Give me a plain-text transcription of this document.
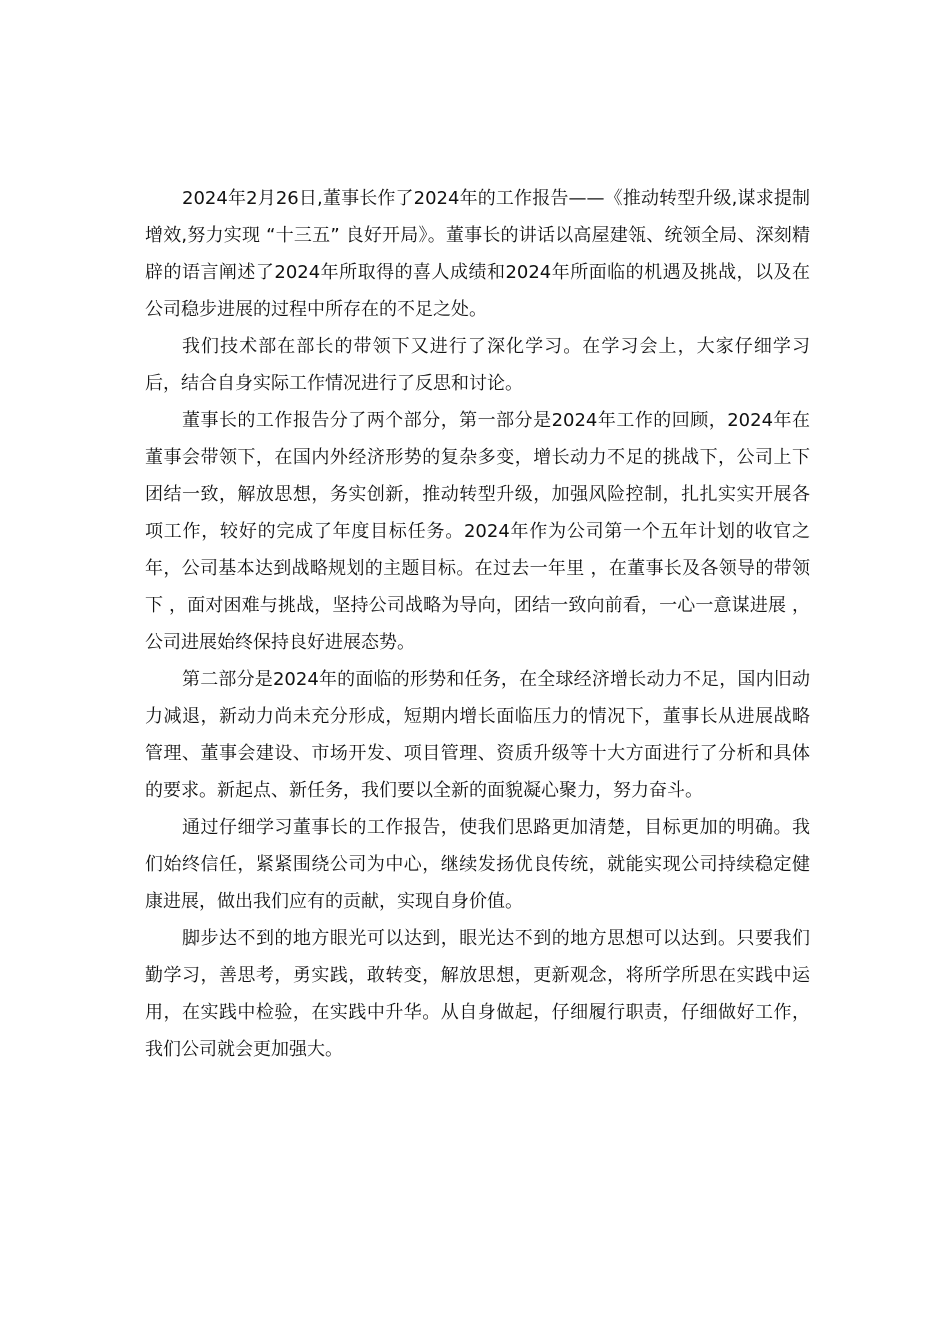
2024年2月26日,董事长作了2024年的工作报告——《推动转型升级,谋求提制增效,努力实现 “十三五” 良好开局》。董事长的讲话以高屋建瓴、统领全局、深刻精辟的语言阐述了2024年所取得的喜人成绩和2024年所面临的机遇及挑战，以及在公司稳步进展的过程中所存在的不足之处。

我们技术部在部长的带领下又进行了深化学习。在学习会上，大家仔细学习后，结合自身实际工作情况进行了反思和讨论。

董事长的工作报告分了两个部分，第一部分是2024年工作的回顾，2024年在董事会带领下，在国内外经济形势的复杂多变，增长动力不足的挑战下，公司上下团结一致，解放思想，务实创新，推动转型升级，加强风险控制，扎扎实实开展各项工作，较好的完成了年度目标任务。2024年作为公司第一个五年计划的收官之年，公司基本达到战略规划的主题目标。在过去一年里 ，在董事长及各领导的带领下 ，面对困难与挑战，坚持公司战略为导向，团结一致向前看，一心一意谋进展 ，公司进展始终保持良好进展态势。

第二部分是2024年的面临的形势和任务，在全球经济增长动力不足，国内旧动力减退，新动力尚未充分形成，短期内增长面临压力的情况下，董事长从进展战略管理、董事会建设、市场开发、项目管理、资质升级等十大方面进行了分析和具体的要求。新起点、新任务，我们要以全新的面貌凝心聚力，努力奋斗。

通过仔细学习董事长的工作报告，使我们思路更加清楚，目标更加的明确。我们始终信任，紧紧围绕公司为中心，继续发扬优良传统，就能实现公司持续稳定健康进展，做出我们应有的贡献，实现自身价值。

脚步达不到的地方眼光可以达到，眼光达不到的地方思想可以达到。只要我们勤学习，善思考，勇实践，敢转变，解放思想，更新观念，将所学所思在实践中运用，在实践中检验，在实践中升华。从自身做起，仔细履行职责，仔细做好工作，我们公司就会更加强大。
